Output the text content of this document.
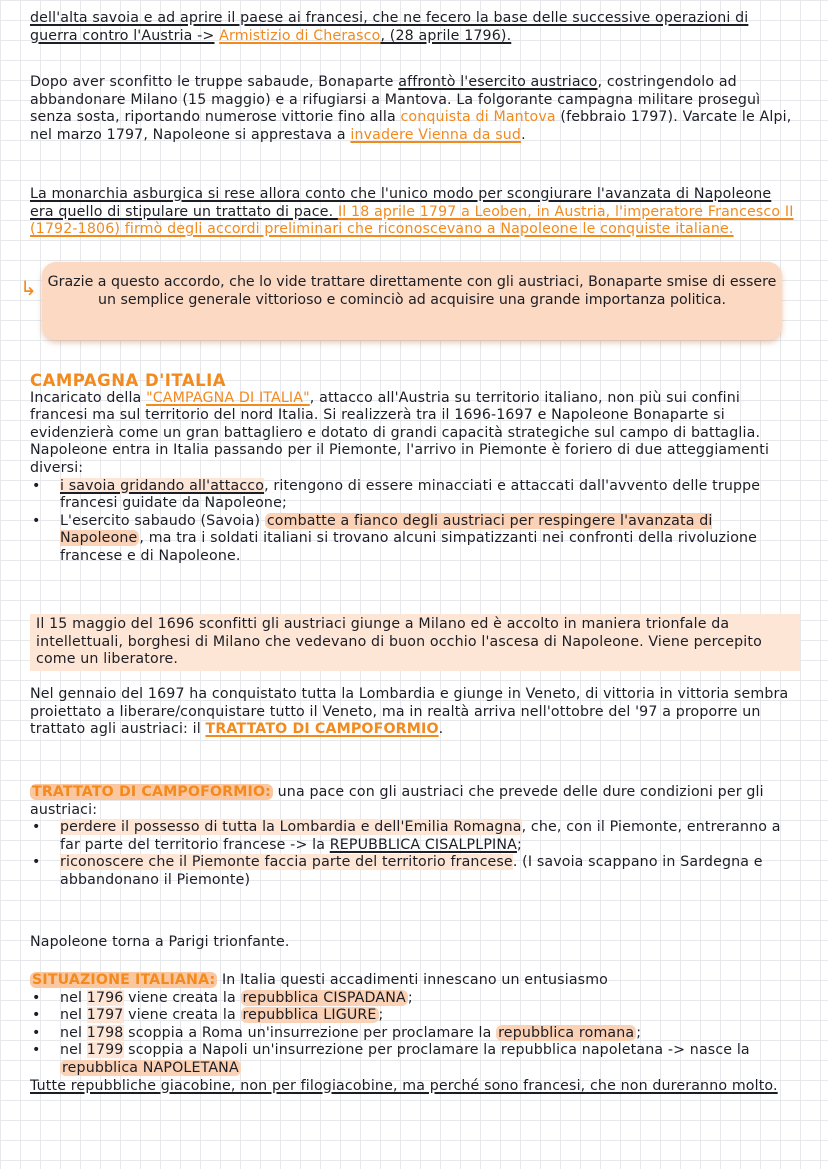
dell'alta savoia e ad aprire il paese ai francesi, che ne fecero la base delle successive operazioni di guerra contro l'Austria -> Armistizio di Cherasco, (28 aprile 1796).

Dopo aver sconfitto le truppe sabaude, Bonaparte affrontò l'esercito austriaco, costringendolo ad abbandonare Milano (15 maggio) e a rifugiarsi a Mantova. La folgorante campagna militare proseguì senza sosta, riportando numerose vittorie fino alla conquista di Mantova (febbraio 1797). Varcate le Alpi, nel marzo 1797, Napoleone si apprestava a invadere Vienna da sud.

La monarchia asburgica si rese allora conto che l'unico modo per scongiurare l'avanzata di Napoleone era quello di stipulare un trattato di pace. Il 18 aprile 1797 a Leoben, in Austria, l'imperatore Francesco II (1792-1806) firmò degli accordi preliminari che riconoscevano a Napoleone le conquiste italiane.

↳ Grazie a questo accordo, che lo vide trattare direttamente con gli austriaci, Bonaparte smise di essere un semplice generale vittorioso e cominciò ad acquisire una grande importanza politica.
CAMPAGNA D'ITALIA

Incaricato della "CAMPAGNA DI ITALIA", attacco all'Austria su territorio italiano, non più sui confini francesi ma sul territorio del nord Italia. Si realizzerà tra il 1696-1697 e Napoleone Bonaparte si evidenzierà come un gran battagliero e dotato di grandi capacità strategiche sul campo di battaglia. Napoleone entra in Italia passando per il Piemonte, l'arrivo in Piemonte è foriero di due atteggiamenti diversi:

• i savoia gridando all'attacco, ritengono di essere minacciati e attaccati dall'avvento delle truppe francesi guidate da Napoleone;
• L'esercito sabaudo (Savoia) combatte a fianco degli austriaci per respingere l'avanzata di Napoleone , ma tra i soldati italiani si trovano alcuni simpatizzanti nei confronti della rivoluzione francese e di Napoleone.

Il 15 maggio del 1696 sconfitti gli austriaci giunge a Milano ed è accolto in maniera trionfale da intellettuali, borghesi di Milano che vedevano di buon occhio l'ascesa di Napoleone. Viene percepito come un liberatore.

Nel gennaio del 1697 ha conquistato tutta la Lombardia e giunge in Veneto, di vittoria in vittoria sembra proiettato a liberare/conquistare tutto il Veneto, ma in realtà arriva nell'ottobre del '97 a proporre un trattato agli austriaci: il TRATTATO DI CAMPOFORMIO.

TRATTATO DI CAMPOFORMIO: una pace con gli austriaci che prevede delle dure condizioni per gli austriaci:

• perdere il possesso di tutta la Lombardia e dell'Emilia Romagna, che, con il Piemonte, entreranno a far parte del territorio francese -> la REPUBBLICA CISALPLPINA;
• riconoscere che il Piemonte faccia parte del territorio francese. (I savoia scappano in Sardegna e abbandonano il Piemonte)

Napoleone torna a Parigi trionfante.

SITUAZIONE ITALIANA: In Italia questi accadimenti innescano un entusiasmo

• nel 1796 viene creata la repubblica CISPADANA ;
• nel 1797 viene creata la repubblica LIGURE ;
• nel 1798 scoppia a Roma un'insurrezione per proclamare la repubblica romana ;
• nel 1799 scoppia a Napoli un'insurrezione per proclamare la repubblica napoletana -> nasce la repubblica NAPOLETANA

Tutte repubbliche giacobine, non per filogiacobine, ma perché sono francesi, che non dureranno molto.
